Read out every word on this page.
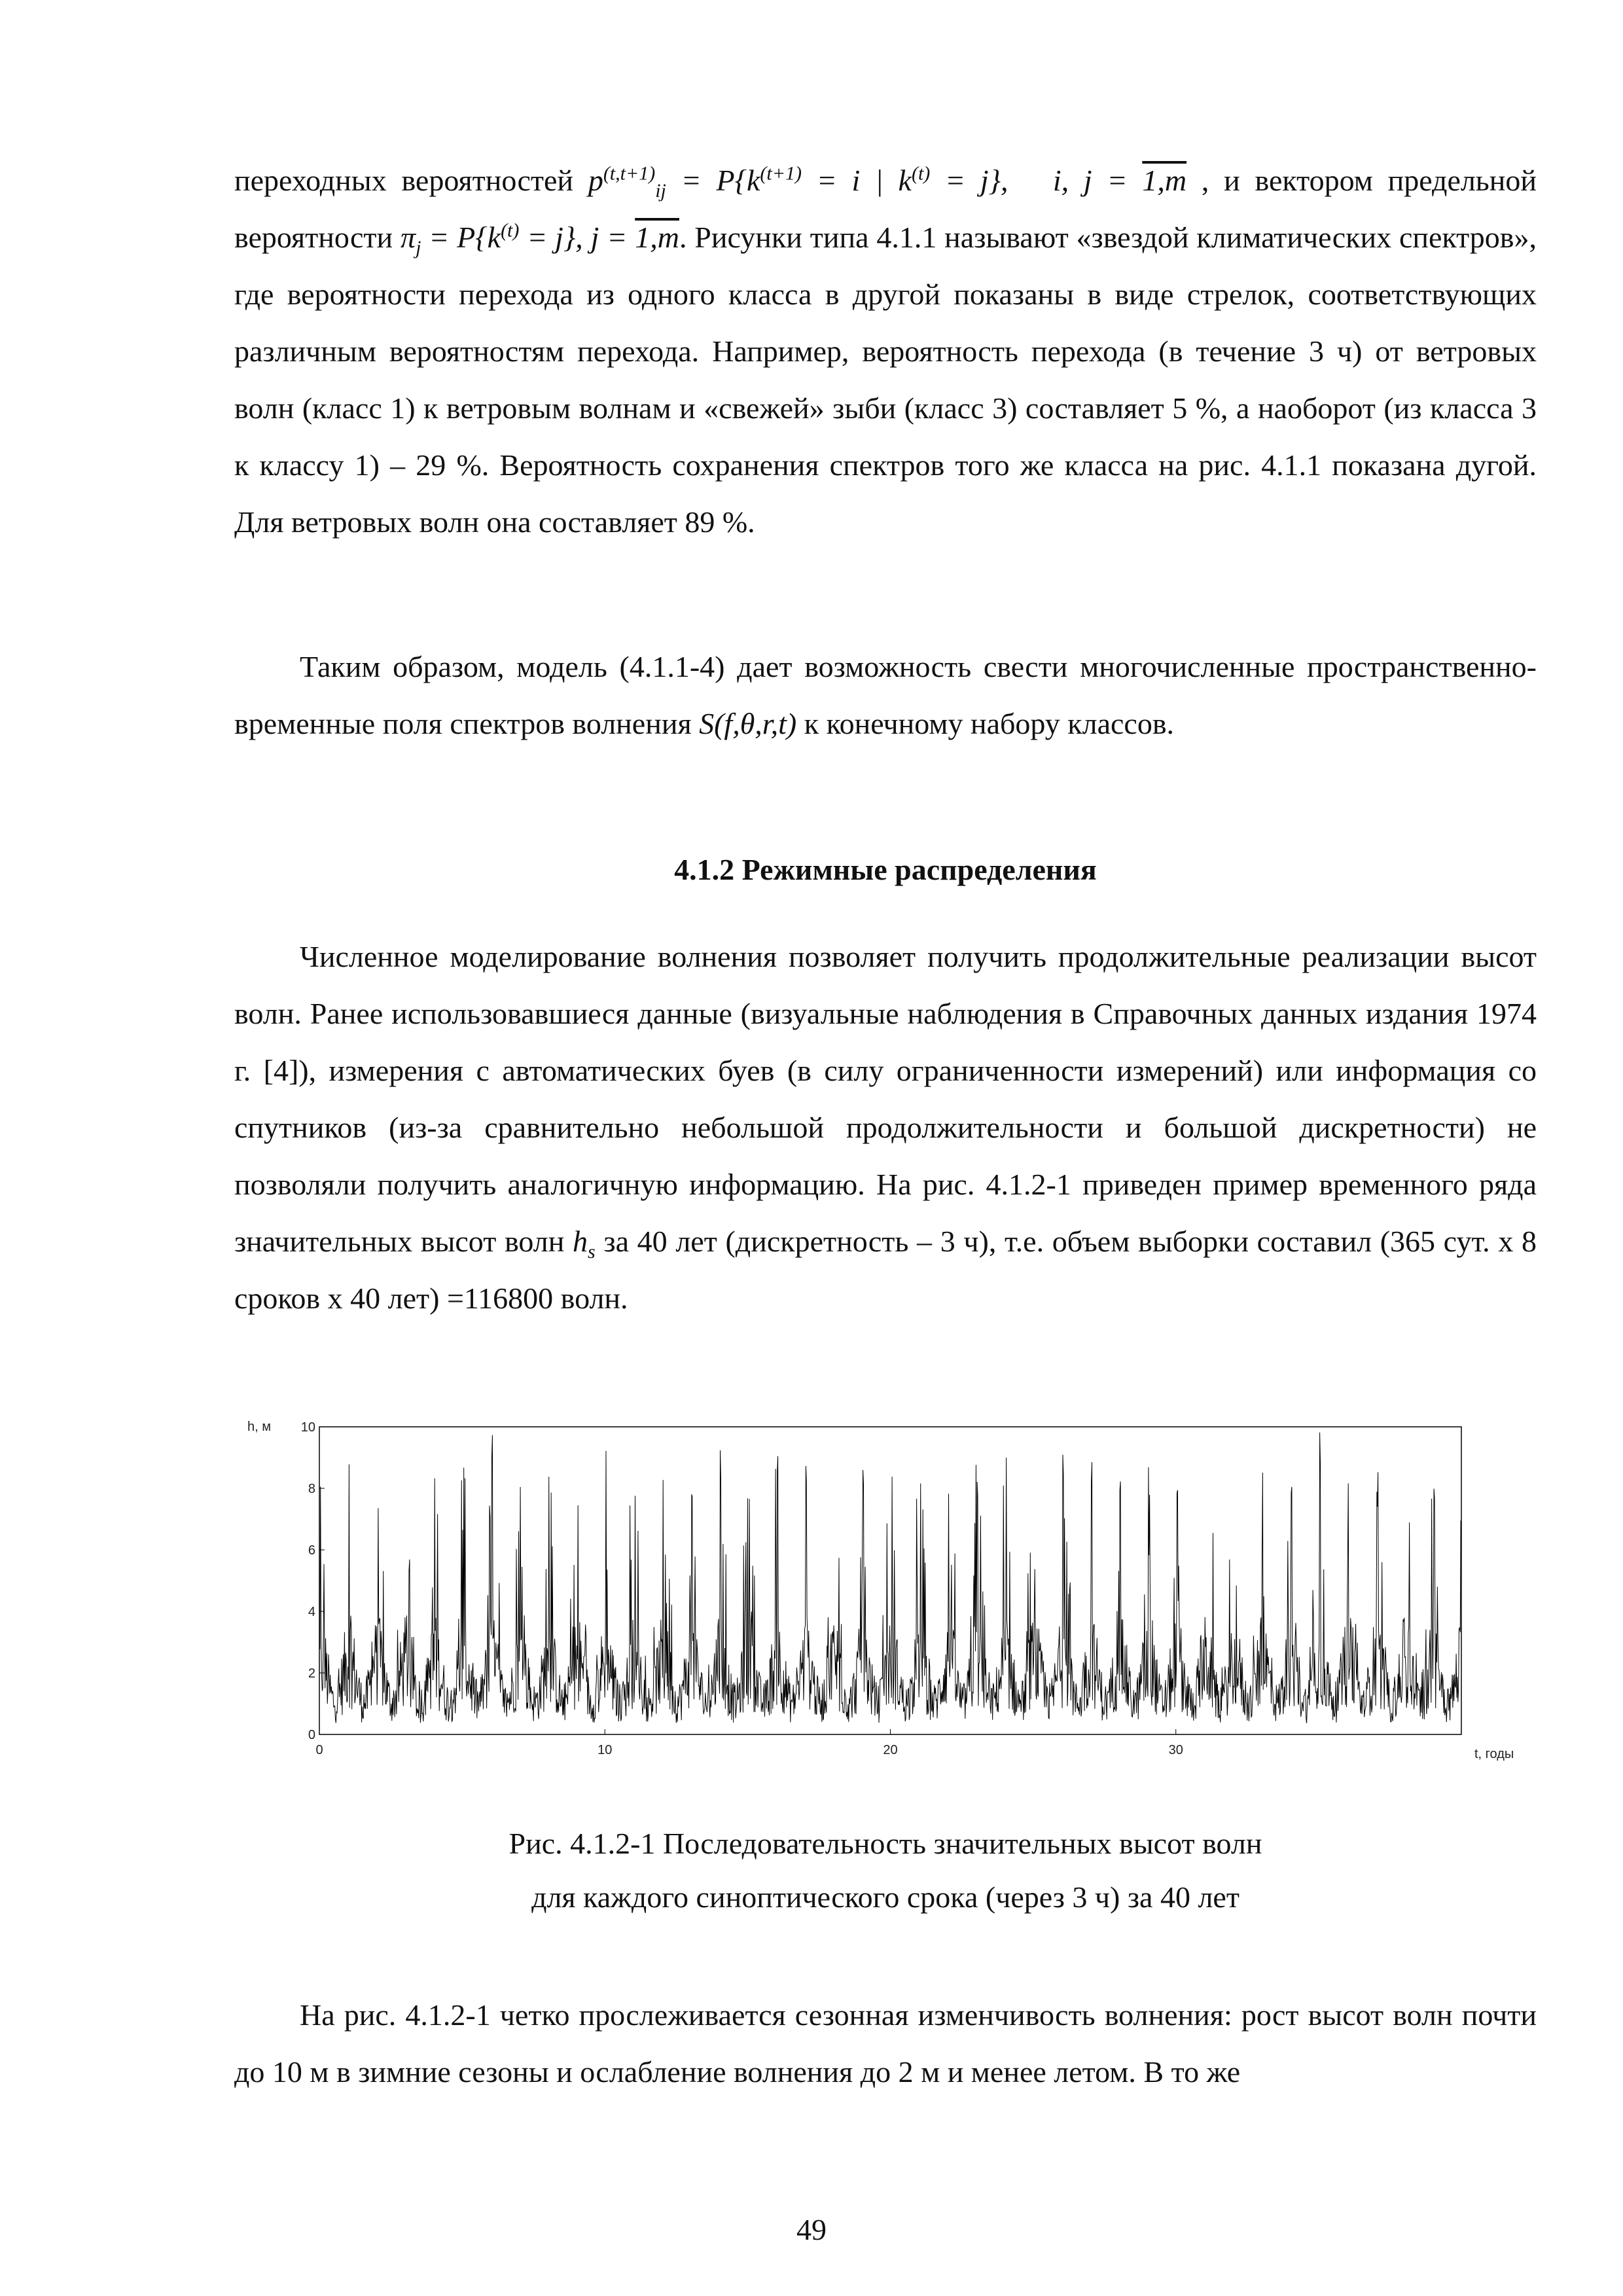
переходных вероятностей $p^{(t,t+1)}_{ij} = P\{k^{(t+1)} = i$ | $k^{(t)} = j$}, i, j = 1,m , и вектором предельной вероятности $\pi_j = P\{k^{(t)} = j\}$, j = 1,m. Рисунки типа 4.1.1 называют «звездой климатических спектров», где вероятности перехода из одного класса в другой показаны в виде стрелок, соответствующих различным вероятностям перехода. Например, вероятность перехода (в течение 3 ч) от ветровых волн (класс 1) к ветровым волнам и «свежей» зыби (класс 3) составляет 5 %, а наоборот (из класса 3 к классу 1) – 29 %. Вероятность сохранения спектров того же класса на рис. 4.1.1 показана дугой. Для ветровых волн она составляет 89 %.
Таким образом, модель (4.1.1-4) дает возможность свести многочисленные пространственно-временные поля спектров волнения S(f,θ,r,t) к конечному набору классов.
4.1.2 Режимные распределения
Численное моделирование волнения позволяет получить продолжительные реализации высот волн. Ранее использовавшиеся данные (визуальные наблюдения в Справочных данных издания 1974 г. [4]), измерения с автоматических буев (в силу ограниченности измерений) или информация со спутников (из-за сравнительно небольшой продолжительности и большой дискретности) не позволяли получить аналогичную информацию. На рис. 4.1.2-1 приведен пример временного ряда значительных высот волн $h_s$ за 40 лет (дискретность – 3 ч), т.е. объем выборки составил (365 сут. х 8 сроков х 40 лет) =116800 волн.
0
2
4
6
8
10
0	10	20	30
h, м
t, годы
Рис. 4.1.2-1 Последовательность значительных высот волн
для каждого синоптического срока (через 3 ч) за 40 лет
На рис. 4.1.2-1 четко прослеживается сезонная изменчивость волнения: рост высот волн почти до 10 м в зимние сезоны и ослабление волнения до 2 м и менее летом. В то же
49
